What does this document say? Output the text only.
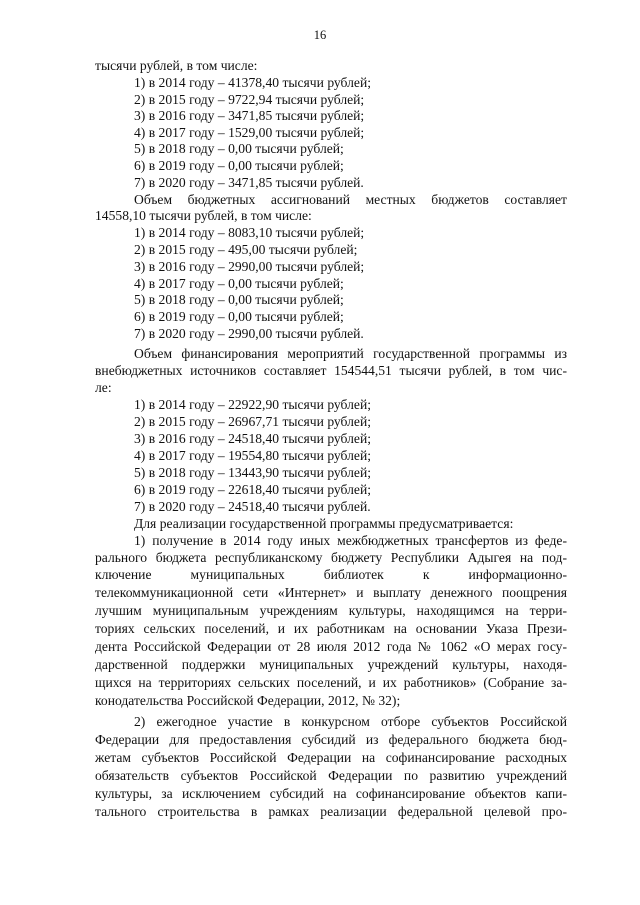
16
тысячи рублей, в том числе:
1) в 2014 году – 41378,40 тысячи рублей;
2) в 2015 году – 9722,94 тысячи рублей;
3) в 2016 году – 3471,85 тысячи рублей;
4) в 2017 году – 1529,00 тысячи рублей;
5) в 2018 году – 0,00 тысячи рублей;
6) в 2019 году – 0,00 тысячи рублей;
7) в 2020 году – 3471,85 тысячи рублей.
Объем бюджетных ассигнований местных бюджетов составляет
14558,10 тысячи рублей, в том числе:
1) в 2014 году – 8083,10 тысячи рублей;
2) в 2015 году – 495,00 тысячи рублей;
3) в 2016 году – 2990,00 тысячи рублей;
4) в 2017 году – 0,00 тысячи рублей;
5) в 2018 году – 0,00 тысячи рублей;
6) в 2019 году – 0,00 тысячи рублей;
7) в 2020 году – 2990,00 тысячи рублей.
Объем финансирования мероприятий государственной программы из
внебюджетных источников составляет 154544,51 тысячи рублей, в том чис-
ле:
1) в 2014 году – 22922,90 тысячи рублей;
2) в 2015 году – 26967,71 тысячи рублей;
3) в 2016 году – 24518,40 тысячи рублей;
4) в 2017 году – 19554,80 тысячи рублей;
5) в 2018 году – 13443,90 тысячи рублей;
6) в 2019 году – 22618,40 тысячи рублей;
7) в 2020 году – 24518,40 тысячи рублей.
Для реализации государственной программы предусматривается:
1) получение в 2014 году иных межбюджетных трансфертов из феде-
рального бюджета республиканскому бюджету Республики Адыгея на под-
ключение муниципальных библиотек к информационно-
телекоммуникационной сети «Интернет» и выплату денежного поощрения
лучшим муниципальным учреждениям культуры, находящимся на терри-
ториях сельских поселений, и их работникам на основании Указа Прези-
дента Российской Федерации от 28 июля 2012 года № 1062 «О мерах госу-
дарственной поддержки муниципальных учреждений культуры, находя-
щихся на территориях сельских поселений, и их работников» (Собрание за-
конодательства Российской Федерации, 2012, № 32);
2) ежегодное участие в конкурсном отборе субъектов Российской
Федерации для предоставления субсидий из федерального бюджета бюд-
жетам субъектов Российской Федерации на софинансирование расходных
обязательств субъектов Российской Федерации по развитию учреждений
культуры, за исключением субсидий на софинансирование объектов капи-
тального строительства в рамках реализации федеральной целевой про-
